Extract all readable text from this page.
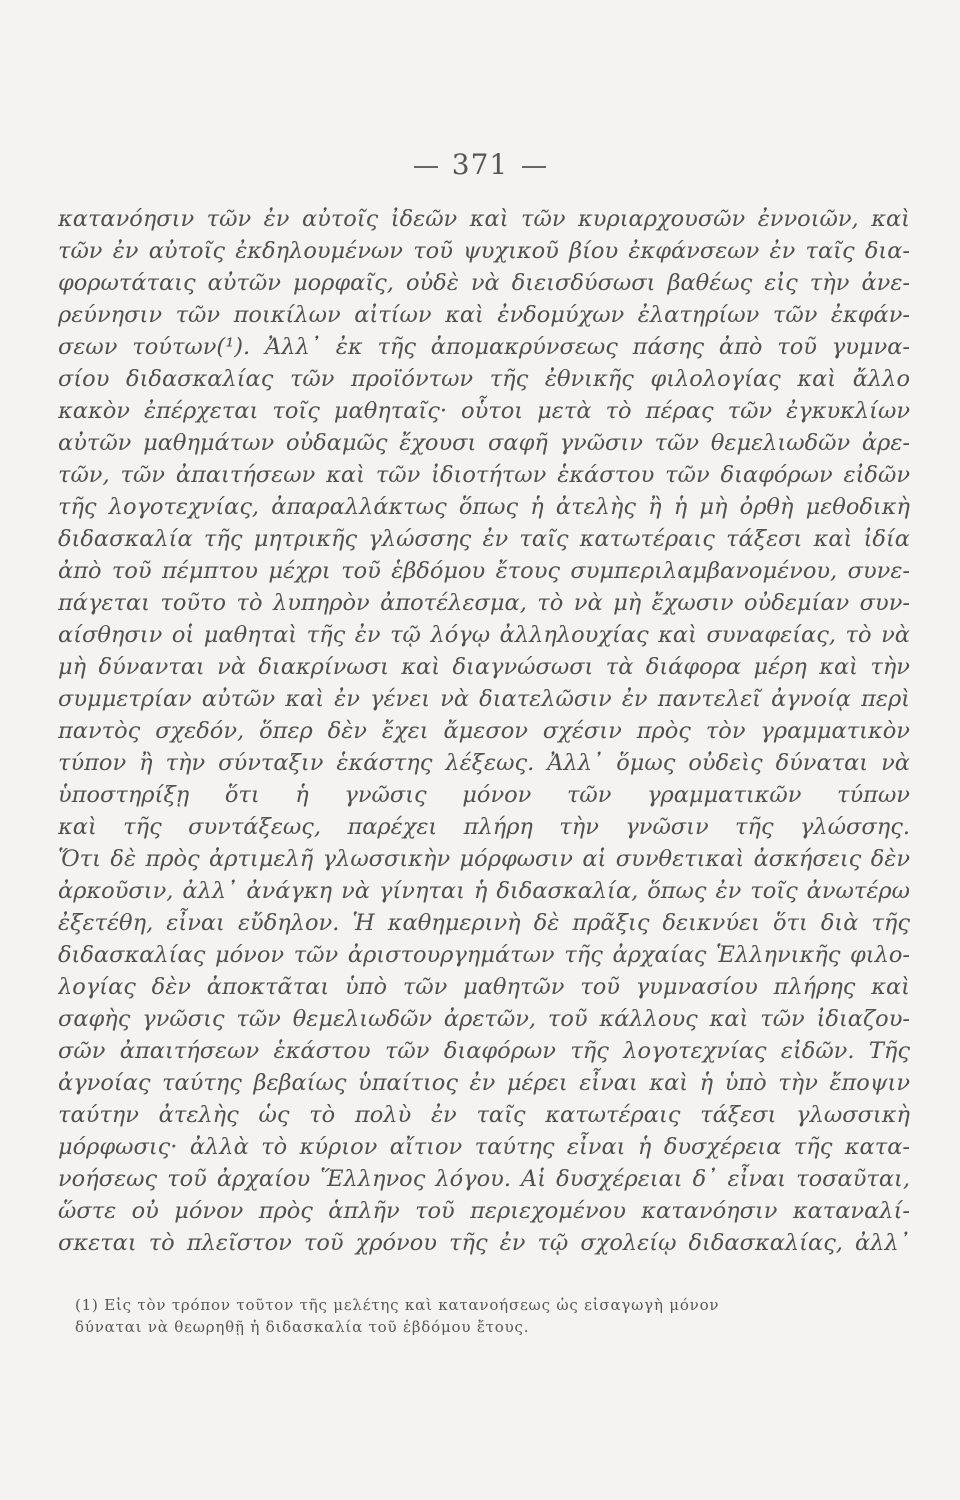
371
κατανόησιν τῶν ἐν αὐτοῖς ἰδεῶν καὶ τῶν κυριαρχουσῶν ἐννοιῶν, καὶ
τῶν ἐν αὐτοῖς ἐκδηλουμένων τοῦ ψυχικοῦ βίου ἐκφάνσεων ἐν ταῖς δια-
φορωτάταις αὐτῶν μορφαῖς, οὐδὲ νὰ διεισδύσωσι βαθέως εἰς τὴν ἀνε-
ρεύνησιν τῶν ποικίλων αἰτίων καὶ ἐνδομύχων ἐλατηρίων τῶν ἐκφάν-
σεων τούτων(¹). Ἀλλ᾽ ἐκ τῆς ἀπομακρύνσεως πάσης ἀπὸ τοῦ γυμνα-
σίου διδασκαλίας τῶν προϊόντων τῆς ἐθνικῆς φιλολογίας καὶ ἄλλο
κακὸν ἐπέρχεται τοῖς μαθηταῖς· οὗτοι μετὰ τὸ πέρας τῶν ἐγκυκλίων
αὐτῶν μαθημάτων οὐδαμῶς ἔχουσι σαφῆ γνῶσιν τῶν θεμελιωδῶν ἀρε-
τῶν, τῶν ἀπαιτήσεων καὶ τῶν ἰδιοτήτων ἑκάστου τῶν διαφόρων εἰδῶν
τῆς λογοτεχνίας, ἀπαραλλάκτως ὅπως ἡ ἀτελὴς ἢ ἡ μὴ ὀρθὴ μεθοδικὴ
διδασκαλία τῆς μητρικῆς γλώσσης ἐν ταῖς κατωτέραις τάξεσι καὶ ἰδία
ἀπὸ τοῦ πέμπτου μέχρι τοῦ ἑβδόμου ἔτους συμπεριλαμβανομένου, συνε-
πάγεται τοῦτο τὸ λυπηρὸν ἀποτέλεσμα, τὸ νὰ μὴ ἔχωσιν οὐδεμίαν συν-
αίσθησιν οἱ μαθηταὶ τῆς ἐν τῷ λόγῳ ἀλληλουχίας καὶ συναφείας, τὸ νὰ
μὴ δύνανται νὰ διακρίνωσι καὶ διαγνώσωσι τὰ διάφορα μέρη καὶ τὴν
συμμετρίαν αὐτῶν καὶ ἐν γένει νὰ διατελῶσιν ἐν παντελεῖ ἀγνοίᾳ περὶ
παντὸς σχεδόν, ὅπερ δὲν ἔχει ἄμεσον σχέσιν πρὸς τὸν γραμματικὸν
τύπον ἢ τὴν σύνταξιν ἑκάστης λέξεως. Ἀλλ᾽ ὅμως οὐδεὶς δύναται νὰ
ὑποστηρίξῃ ὅτι ἡ γνῶσις μόνον τῶν γραμματικῶν τύπων
καὶ τῆς συντάξεως, παρέχει πλήρη τὴν γνῶσιν τῆς γλώσσης.
Ὅτι δὲ πρὸς ἀρτιμελῆ γλωσσικὴν μόρφωσιν αἱ συνθετικαὶ ἀσκήσεις δὲν
ἀρκοῦσιν, ἀλλ᾽ ἀνάγκη νὰ γίνηται ἡ διδασκαλία, ὅπως ἐν τοῖς ἀνωτέρω
ἐξετέθη, εἶναι εὔδηλον. Ἡ καθημερινὴ δὲ πρᾶξις δεικνύει ὅτι διὰ τῆς
διδασκαλίας μόνον τῶν ἀριστουργημάτων τῆς ἀρχαίας Ἑλληνικῆς φιλο-
λογίας δὲν ἀποκτᾶται ὑπὸ τῶν μαθητῶν τοῦ γυμνασίου πλήρης καὶ
σαφὴς γνῶσις τῶν θεμελιωδῶν ἀρετῶν, τοῦ κάλλους καὶ τῶν ἰδιαζου-
σῶν ἀπαιτήσεων ἑκάστου τῶν διαφόρων τῆς λογοτεχνίας εἰδῶν. Τῆς
ἀγνοίας ταύτης βεβαίως ὑπαίτιος ἐν μέρει εἶναι καὶ ἡ ὑπὸ τὴν ἔποψιν
ταύτην ἀτελὴς ὡς τὸ πολὺ ἐν ταῖς κατωτέραις τάξεσι γλωσσικὴ
μόρφωσις· ἀλλὰ τὸ κύριον αἴτιον ταύτης εἶναι ἡ δυσχέρεια τῆς κατα-
νοήσεως τοῦ ἀρχαίου Ἕλληνος λόγου. Αἱ δυσχέρειαι δ᾽ εἶναι τοσαῦται,
ὥστε οὐ μόνον πρὸς ἁπλῆν τοῦ περιεχομένου κατανόησιν καταναλί-
σκεται τὸ πλεῖστον τοῦ χρόνου τῆς ἐν τῷ σχολείῳ διδασκαλίας, ἀλλ᾽
(1) Εἰς τὸν τρόπον τοῦτον τῆς μελέτης καὶ κατανοήσεως ὡς εἰσαγωγὴ μόνον
δύναται νὰ θεωρηθῇ ἡ διδασκαλία τοῦ ἑβδόμου ἔτους.
